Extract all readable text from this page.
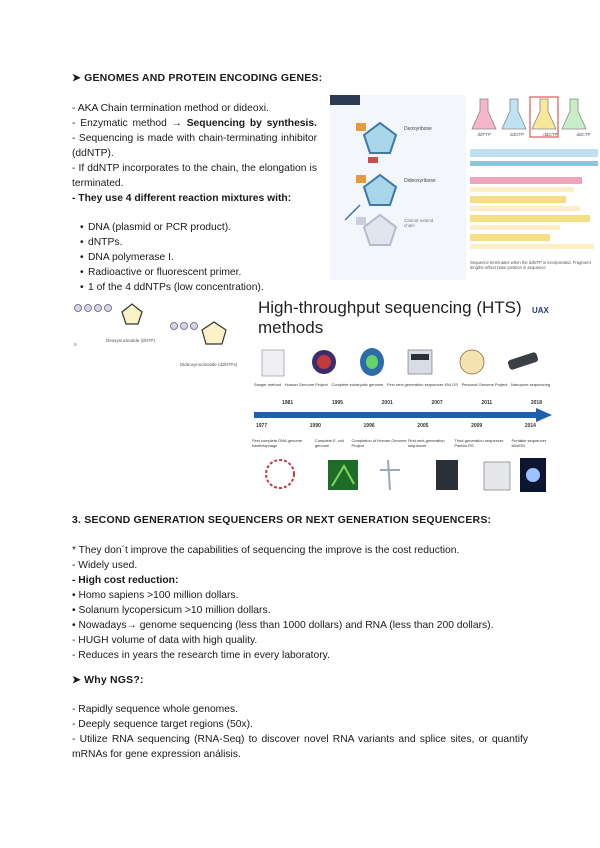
➤ GENOMES AND PROTEIN ENCODING GENES:
- AKA Chain termination method or dideoxi.
- Enzymatic method → Sequencing by synthesis.
- Sequencing is made with chain-terminating inhibitor (ddNTP).
- If ddNTP incorporates to the chain, the elongation is terminated.
- They use 4 different reaction mixtures with:
• DNA (plasmid or PCR product).
• dNTPs.
• DNA polymerase I.
• Radioactive or fluorescent primer.
• 1 of the 4 ddNTPs (low concentration).
Deoxyribose
Dideoxyribose
Cannot extend chain
ddTTP	ddGTP	ddGTP	ddCTP
Sequence terminates when the ddNTP is incorporated. Fragment lengths reflect base position in sequence
≡
Deoxynucleotide (dNTP)
Dideoxynucleotide (ddNTPs)
High-throughput sequencing (HTS)
methods
UAX
Sanger method Human Genome Project Complete eukaryotic genome First next generation sequencer 454 GS Personal Genome Project Nanopore sequencing
1981	1995	2001	2007	2011	2018
1977	1990	1996	2005	2009	2014
First complete DNA genome bacteriophage
Complete E. coli genome
Completion of Human Genome Project
First next-generation sequencer
Third-generation sequencer PacBio RS
Portable sequencer MinION
3. SECOND GENERATION SEQUENCERS OR NEXT GENERATION SEQUENCERS:
* They don´t improve the capabilities of sequencing the improve is the cost reduction.
- Widely used.
- High cost reduction:
• Homo sapiens >100 million dollars.
• Solanum lycopersicum >10 million dollars.
• Nowadays→ genome sequencing (less than 1000 dollars) and RNA (less than 200 dollars).
- HUGH volume of data with high quality.
- Reduces in years the research time in every laboratory.
➤ Why NGS?:
- Rapidly sequence whole genomes.
- Deeply sequence target regions (50x).
- Utilize RNA sequencing (RNA-Seq) to discover novel RNA variants and splice sites, or quantify mRNAs for gene expression análisis.
